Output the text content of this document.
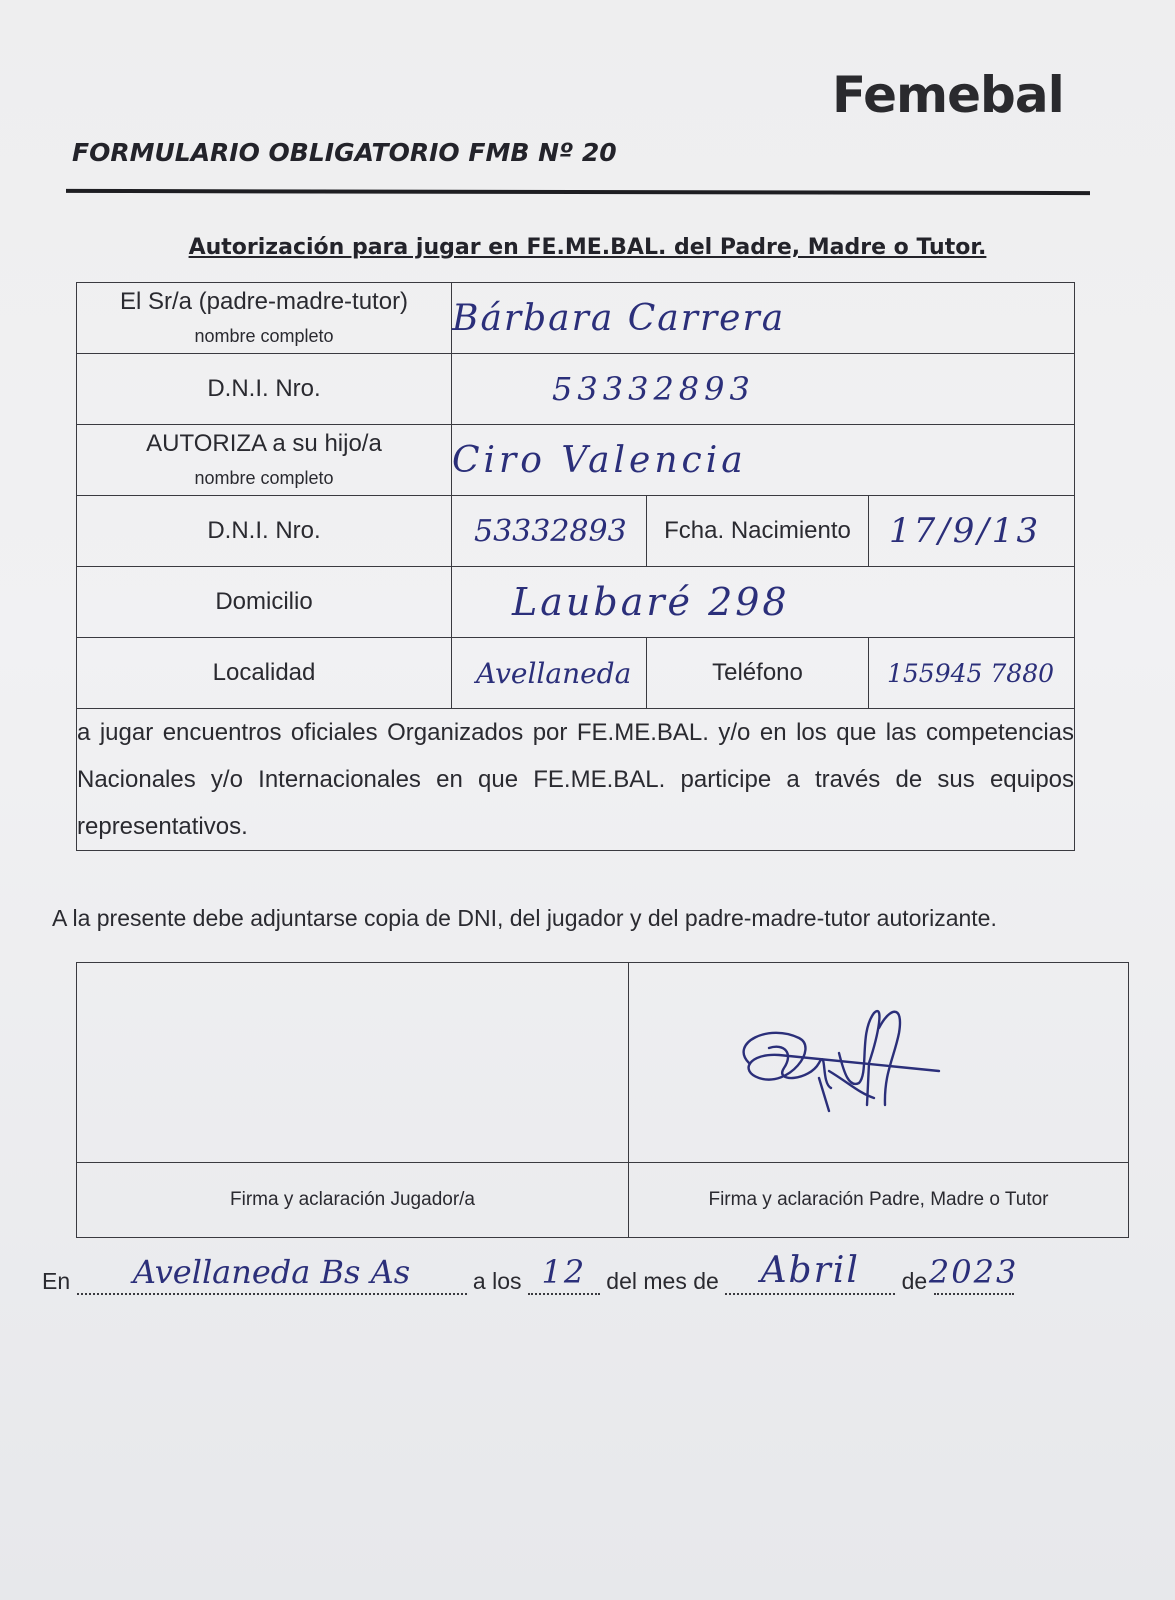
Femebal
FORMULARIO OBLIGATORIO FMB Nº 20
Autorización para jugar en FE.ME.BAL. del Padre, Madre o Tutor.
El Sr/a (padre-madre-tutor)
nombre completo	Bárbara Carrera		
D.N.I. Nro.	53332893		

AUTORIZA a su hijo/a
nombre completo	Ciro Valencia		
D.N.I. Nro.	53332893	Fcha. Nacimiento	17/9/13
Domicilio	Laubaré 298		
Localidad	Avellaneda	Teléfono	155945 7880
a jugar encuentros oficiales Organizados por FE.ME.BAL. y/o en los que las competencias Nacionales y/o Internacionales en que FE.ME.BAL. participe a través de sus equipos representativos.			
A la presente debe adjuntarse copia de DNI, del jugador y del padre-madre-tutor autorizante.

Firma y aclaración Jugador/a	Firma y aclaración Padre, Madre o Tutor
En Avellaneda Bs As	a los 12 del mes de Abril de 2023
